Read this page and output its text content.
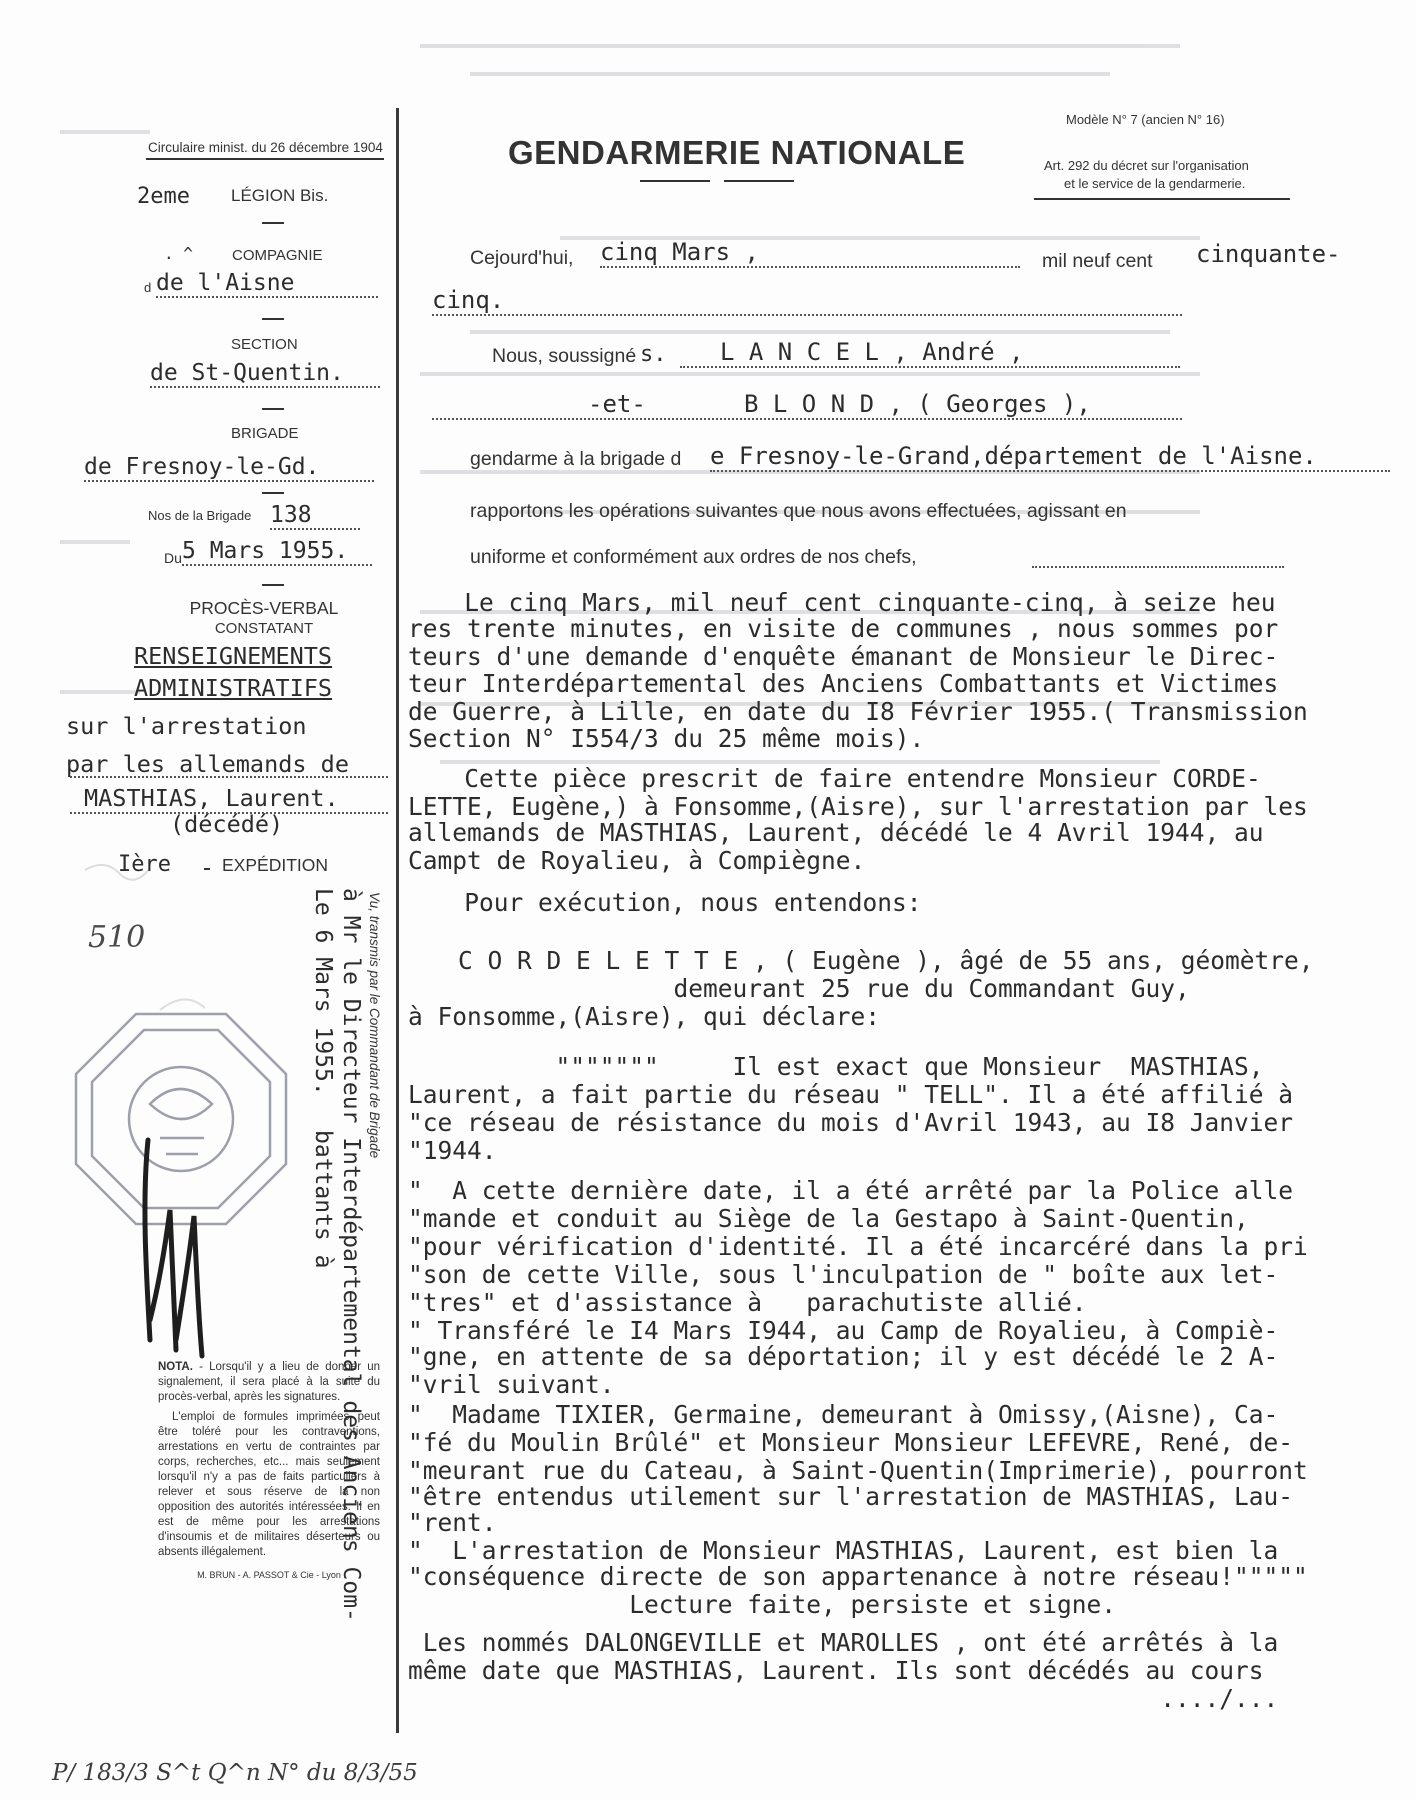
Circulaire minist. du 26 décembre 1904
2eme LÉGION Bis.
COMPAGNIE
. ^
d de l'Aisne
SECTION
de St-Quentin.
BRIGADE
de Fresnoy-le-Gd.
Nos de la Brigade 138
Du 5 Mars 1955.
PROCÈS-VERBAL
CONSTATANT
RENSEIGNEMENTS
ADMINISTRATIFS
sur l'arrestation
par les allemands de
MASTHIAS, Laurent.
(décédé)
Ière	EXPÉDITION
510	Vu, transmis par le Commandant de Brigade
à Mr le Directeur Interdépartemental des Anciens Com-
battants à
Le 6 Mars 1955.

NOTA. - Lorsqu'il y a lieu de donner un signalement, il sera placé à la suite du procès-verbal, après les signatures.

L'emploi de formules imprimées peut être toléré pour les contraventions, arrestations en vertu de contraintes par corps, recherches, etc... mais seulement lorsqu'il n'y a pas de faits particuliers à relever et sous réserve de la non opposition des autorités intéressées. Il en est de même pour les arrestations d'insoumis et de militaires déserteurs ou absents illégalement.

M. BRUN - A. PASSOT & Cie - Lyon

P/ 183/3 S^t Q^n N° du 8/3/55
Modèle N° 7 (ancien N° 16)
GENDARMERIE NATIONALE	Art. 292 du décret sur l'organisation
et le service de la gendarmerie.
Cejourd'hui, cinq Mars ,	mil neuf cent cinquante-
cinq.
Nous, soussigné s.	L A N C E L , André ,
-et-	B L O N D , ( Georges ),
gendarme à la brigade d e Fresnoy-le-Grand,département de l'Aisne.
rapportons les opérations suivantes que nous avons effectuées, agissant en
uniforme et conformément aux ordres de nos chefs,
Le cinq Mars, mil neuf cent cinquante-cinq, à seize heu
res trente minutes, en visite de communes , nous sommes por
teurs d'une demande d'enquête émanant de Monsieur le Direc-
teur Interdépartemental des Anciens Combattants et Victimes
de Guerre, à Lille, en date du I8 Février 1955.( Transmission
Section N° I554/3 du 25 même mois).
Cette pièce prescrit de faire entendre Monsieur CORDE-
LETTE, Eugène,) à Fonsomme,(Aisre), sur l'arrestation par les
allemands de MASTHIAS, Laurent, décédé le 4 Avril 1944, au
Campt de Royalieu, à Compiègne.
Pour exécution, nous entendons:
C O R D E L E T T E , ( Eugène ), âgé de 55 ans, géomètre,
demeurant 25 rue du Commandant Guy,
à Fonsomme,(Aisre), qui déclare:
"""""""     Il est exact que Monsieur  MASTHIAS,
Laurent, a fait partie du réseau " TELL". Il a été affilié à
"ce réseau de résistance du mois d'Avril 1943, au I8 Janvier
"1944.
"  A cette dernière date, il a été arrêté par la Police alle
"mande et conduit au Siège de la Gestapo à Saint-Quentin,
"pour vérification d'identité. Il a été incarcéré dans la pri
"son de cette Ville, sous l'inculpation de " boîte aux let-
"tres" et d'assistance à   parachutiste allié.
" Transféré le I4 Mars I944, au Camp de Royalieu, à Compiè-
"gne, en attente de sa déportation; il y est décédé le 2 A-
"vril suivant.
"  Madame TIXIER, Germaine, demeurant à Omissy,(Aisne), Ca-
"fé du Moulin Brûlé" et Monsieur Monsieur LEFEVRE, René, de-
"meurant rue du Cateau, à Saint-Quentin(Imprimerie), pourront
"être entendus utilement sur l'arrestation de MASTHIAS, Lau-
"rent.
"  L'arrestation de Monsieur MASTHIAS, Laurent, est bien la
"conséquence directe de son appartenance à notre réseau!"""""
Lecture faite, persiste et signe.
Les nommés DALONGEVILLE et MAROLLES , ont été arrêtés à la
même date que MASTHIAS, Laurent. Ils sont décédés au cours
..../...
